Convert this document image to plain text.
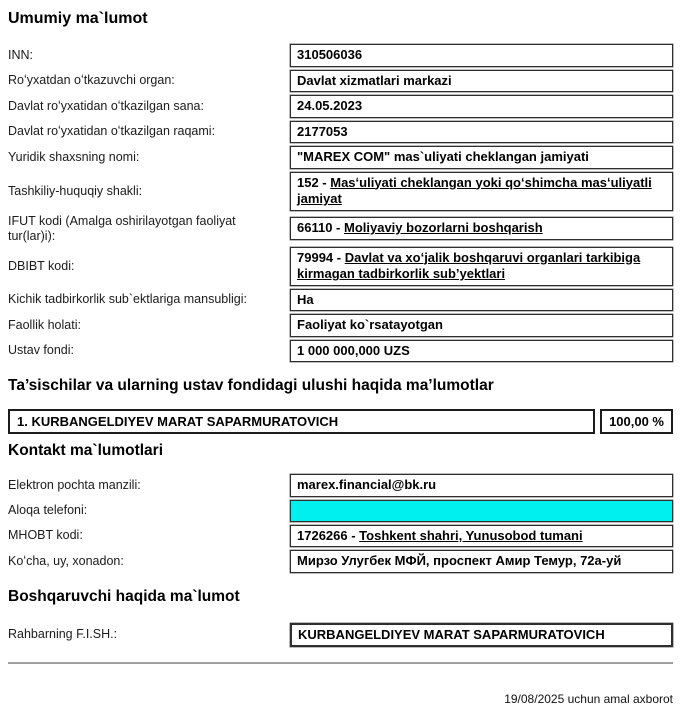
Umumiy ma`lumot
INN:	310506036
Roʻyxatdan oʻtkazuvchi organ:	Davlat xizmatlari markazi
Davlat roʻyxatidan oʻtkazilgan sana:	24.05.2023
Davlat roʻyxatidan oʻtkazilgan raqami:	2177053
Yuridik shaxsning nomi:	"MAREX COM" mas`uliyati cheklangan jamiyati
Tashkiliy-huquqiy shakli:
152 - Masʻuliyati cheklangan yoki qoʻshimcha masʻuliyatli jamiyat
IFUT kodi (Amalga oshirilayotgan faoliyat tur(lar)i):
66110 - Moliyaviy bozorlarni boshqarish
DBIBT kodi:
79994 - Davlat va xoʻjalik boshqaruvi organlari tarkibiga kirmagan tadbirkorlik sub’yektlari
Kichik tadbirkorlik sub`ektlariga mansubligi:	Ha
Faollik holati:	Faoliyat ko`rsatayotgan
Ustav fondi:	1 000 000,000 UZS
Ta’sischilar va ularning ustav fondidagi ulushi haqida ma’lumotlar
1. KURBANGELDIYEV MARAT SAPARMURATOVICH	100,00 %
Kontakt ma`lumotlari
Elektron pochta manzili:	marex.financial@bk.ru
Aloqa telefoni:
MHOBT kodi:	1726266 - Toshkent shahri, Yunusobod tumani
Koʻcha, uy, xonadon:	Мирзо Улугбек МФЙ, проспект Амир Темур, 72а-уй
Boshqaruvchi haqida ma`lumot
Rahbarning F.I.SH.:	KURBANGELDIYEV MARAT SAPARMURATOVICH
19/08/2025 uchun amal axborot
